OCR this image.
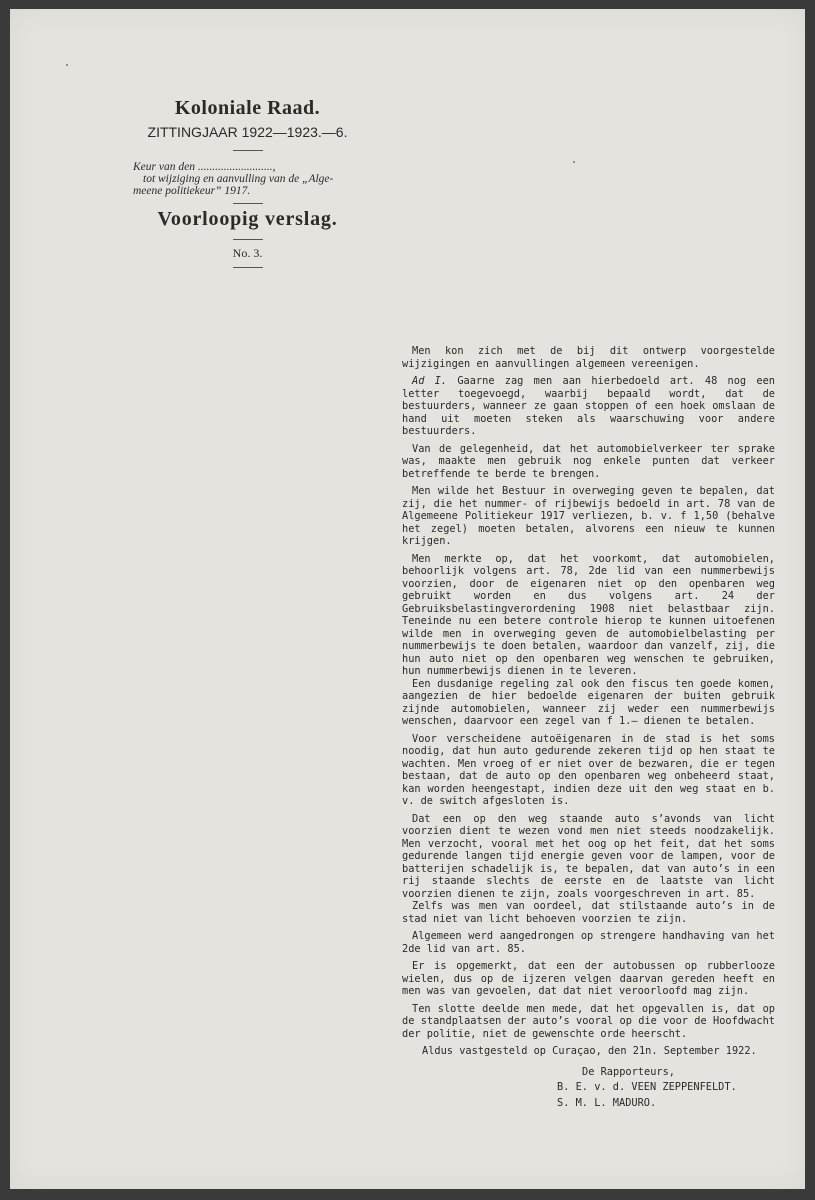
Koloniale Raad.
ZITTINGJAAR 1922—1923.—6.
Keur van den ..........................,
tot wijziging en aanvulling van de „Alge-
meene politiekeur” 1917.
Voorloopig verslag.
No. 3.

Men kon zich met de bij dit ontwerp voorgestelde wijzigingen en aanvullingen algemeen vereenigen.

Ad I. Gaarne zag men aan hierbedoeld art. 48 nog een letter toegevoegd, waarbij bepaald wordt, dat de bestuurders, wanneer ze gaan stoppen of een hoek omslaan de hand uit moeten steken als waarschuwing voor andere bestuurders.

Van de gelegenheid, dat het automobielverkeer ter sprake was, maakte men gebruik nog enkele punten dat verkeer betreffende te berde te brengen.

Men wilde het Bestuur in overweging geven te bepalen, dat zij, die het nummer- of rijbewijs bedoeld in art. 78 van de Algemeene Politiekeur 1917 verliezen, b. v. f 1,50 (behalve het zegel) moeten betalen, alvorens een nieuw te kunnen krijgen.

Men merkte op, dat het voorkomt, dat automobielen, behoorlijk volgens art. 78, 2de lid van een nummerbewijs voorzien, door de eigenaren niet op den openbaren weg gebruikt worden en dus volgens art. 24 der Gebruiksbelastingverordening 1908 niet belastbaar zijn. Teneinde nu een betere controle hierop te kunnen uitoefenen wilde men in overweging geven de automobielbelasting per nummerbewijs te doen betalen, waardoor dan vanzelf, zij, die hun auto niet op den openbaren weg wenschen te gebruiken, hun nummerbewijs dienen in te leveren.

Een dusdanige regeling zal ook den fiscus ten goede komen, aangezien de hier bedoelde eigenaren der buiten gebruik zijnde automobielen, wanneer zij weder een nummerbewijs wenschen, daarvoor een zegel van f 1.— dienen te betalen.

Voor verscheidene autoëigenaren in de stad is het soms noodig, dat hun auto gedurende zekeren tijd op hen staat te wachten. Men vroeg of er niet over de bezwaren, die er tegen bestaan, dat de auto op den openbaren weg onbeheerd staat, kan worden heengestapt, indien deze uit den weg staat en b. v. de switch afgesloten is.

Dat een op den weg staande auto s’avonds van licht voorzien dient te wezen vond men niet steeds noodzakelijk. Men verzocht, vooral met het oog op het feit, dat het soms gedurende langen tijd energie geven voor de lampen, voor de batterijen schadelijk is, te bepalen, dat van auto’s in een rij staande slechts de eerste en de laatste van licht voorzien dienen te zijn, zoals voorgeschreven in art. 85.

Zelfs was men van oordeel, dat stilstaande auto’s in de stad niet van licht behoeven voorzien te zijn.

Algemeen werd aangedrongen op strengere handhaving van het 2de lid van art. 85.

Er is opgemerkt, dat een der autobussen op rubberlooze wielen, dus op de ijzeren velgen daarvan gereden heeft en men was van gevoelen, dat dat niet veroorloofd mag zijn.

Ten slotte deelde men mede, dat het opgevallen is, dat op de standplaatsen der auto’s vooral op die voor de Hoofdwacht der politie, niet de gewenschte orde heerscht.

Aldus vastgesteld op Curaçao, den 21n. September 1922.

De Rapporteurs,
B. E. v. d. VEEN ZEPPENFELDT.
S. M. L. MADURO.
